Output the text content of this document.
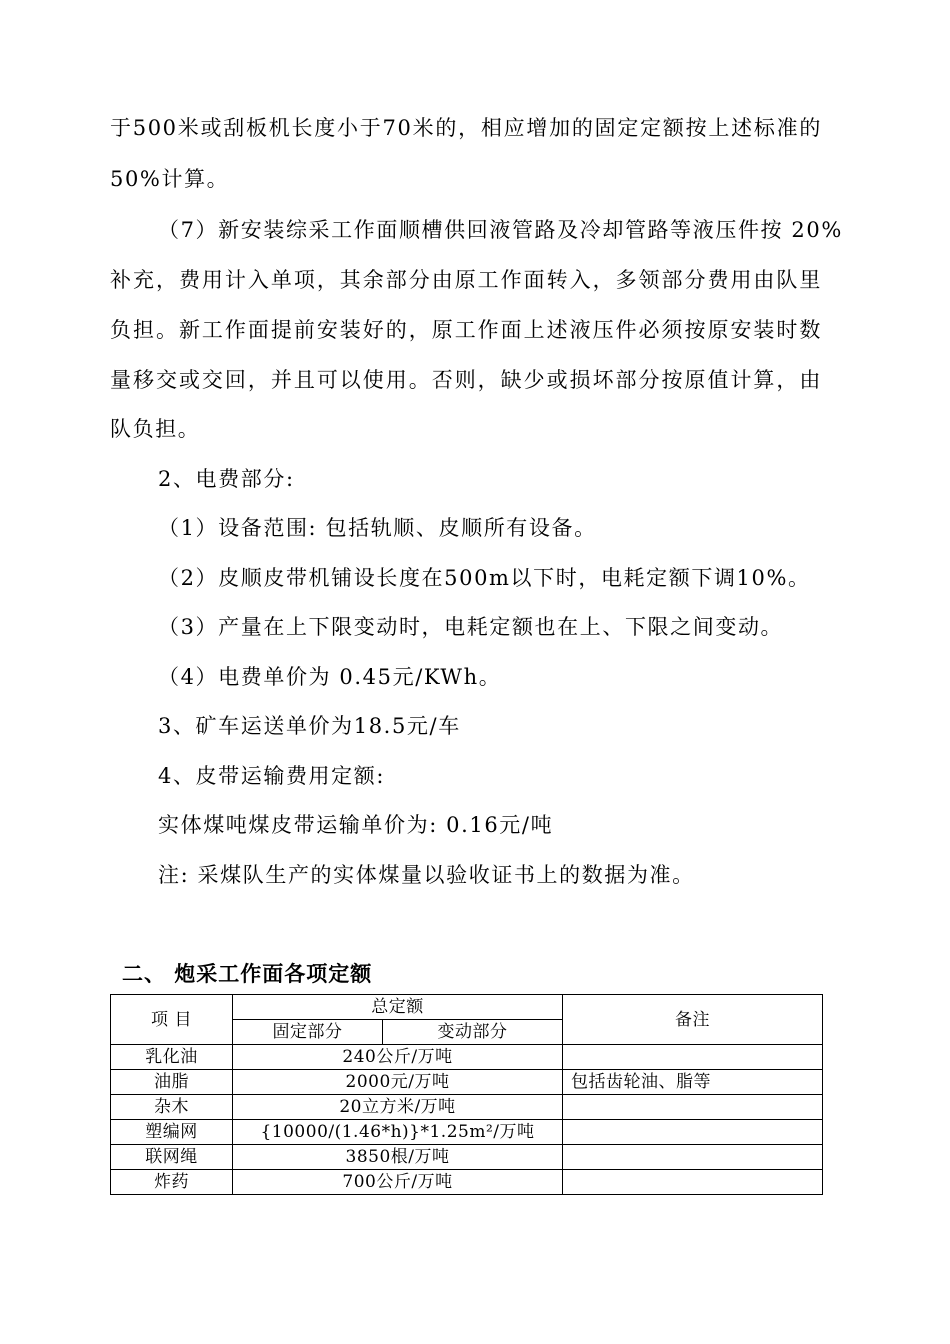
于500米或刮板机长度小于70米的，相应增加的固定定额按上述标准的
50%计算。
（7）新安装综采工作面顺槽供回液管路及冷却管路等液压件按 20%
补充，费用计入单项，其余部分由原工作面转入，多领部分费用由队里
负担。新工作面提前安装好的，原工作面上述液压件必须按原安装时数
量移交或交回，并且可以使用。否则，缺少或损坏部分按原值计算，由
队负担。
2、电费部分:
（1）设备范围: 包括轨顺、皮顺所有设备。
（2）皮顺皮带机铺设长度在500m以下时，电耗定额下调10%。
（3）产量在上下限变动时，电耗定额也在上、下限之间变动。
（4）电费单价为 0.45元/KWh。
3、矿车运送单价为18.5元/车
4、皮带运输费用定额:
实体煤吨煤皮带运输单价为: 0.16元/吨
注: 采煤队生产的实体煤量以验收证书上的数据为准。
二、 炮采工作面各项定额
项 目	总定额		备注
	固定部分	变动部分	
乳化油	240公斤/万吨		
油脂	2000元/万吨		包括齿轮油、脂等
杂木	20立方米/万吨		
塑编网	{10000/(1.46*h)}*1.25m²/万吨		
联网绳	3850根/万吨		
炸药	700公斤/万吨		
